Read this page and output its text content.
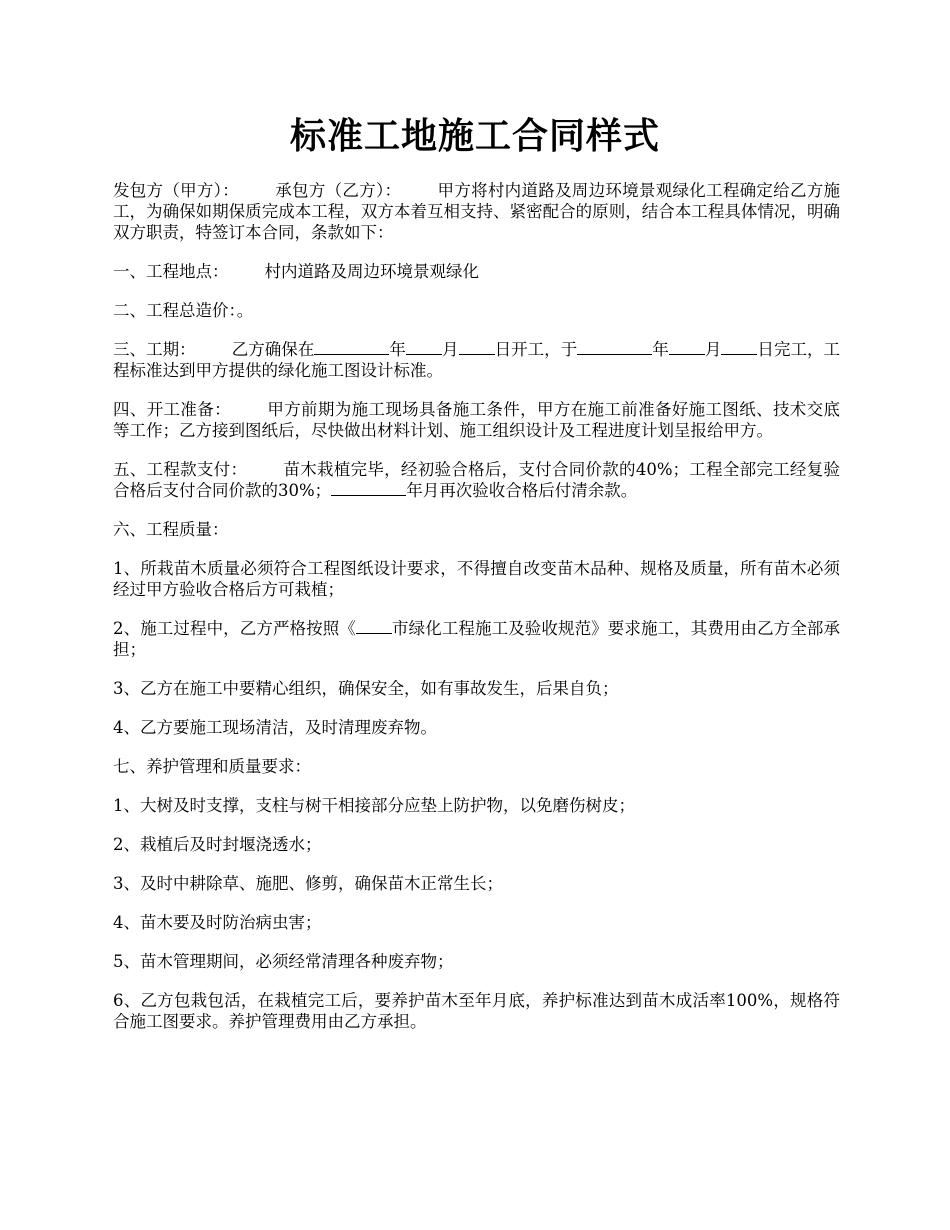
标准工地施工合同样式

发包方（甲方）： 承包方（乙方）： 甲方将村内道路及周边环境景观绿化工程确定给乙方施工，为确保如期保质完成本工程，双方本着互相支持、紧密配合的原则，结合本工程具体情况，明确双方职责，特签订本合同，条款如下：

一、工程地点： 村内道路及周边环境景观绿化

二、工程总造价：。

三、工期： 乙方确保在	年 月 日开工，于	年 月 日完工，工程标准达到甲方提供的绿化施工图设计标准。

四、开工准备： 甲方前期为施工现场具备施工条件，甲方在施工前准备好施工图纸、技术交底等工作；乙方接到图纸后，尽快做出材料计划、施工组织设计及工程进度计划呈报给甲方。

五、工程款支付： 苗木栽植完毕，经初验合格后，支付合同价款的40%；工程全部完工经复验合格后支付合同价款的30%；	年月再次验收合格后付清余款。

六、工程质量：

1、所栽苗木质量必须符合工程图纸设计要求，不得擅自改变苗木品种、规格及质量，所有苗木必须经过甲方验收合格后方可栽植；

2、施工过程中，乙方严格按照《 市绿化工程施工及验收规范》要求施工，其费用由乙方全部承担；

3、乙方在施工中要精心组织，确保安全，如有事故发生，后果自负；

4、乙方要施工现场清洁，及时清理废弃物。

七、养护管理和质量要求：

1、大树及时支撑，支柱与树干相接部分应垫上防护物，以免磨伤树皮；

2、栽植后及时封堰浇透水；

3、及时中耕除草、施肥、修剪，确保苗木正常生长；

4、苗木要及时防治病虫害；

5、苗木管理期间，必须经常清理各种废弃物；

6、乙方包栽包活，在栽植完工后，要养护苗木至年月底，养护标准达到苗木成活率100%，规格符合施工图要求。养护管理费用由乙方承担。
